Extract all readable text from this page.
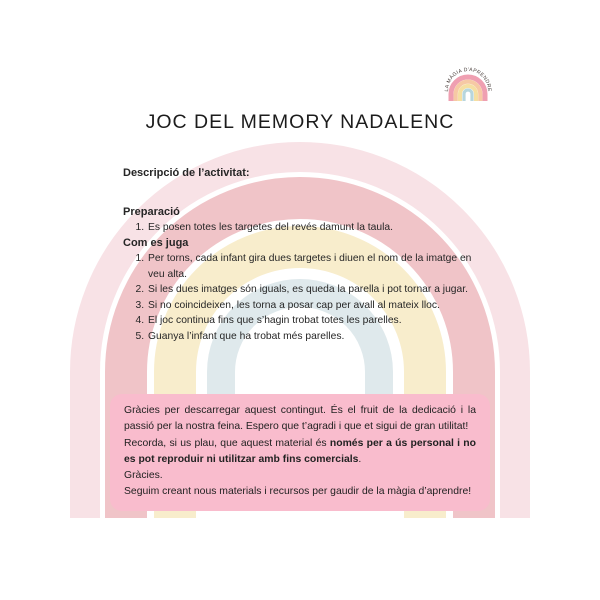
LA MÀGIA D'APRENDRE
JOC DEL MEMORY NADALENC

Descripció de l’activitat:

Preparació
1. Es posen totes les targetes del revés damunt la taula.
Com es juga
1. Per torns, cada infant gira dues targetes i diuen el nom de la imatge en veu alta.
2. Si les dues imatges són iguals, es queda la parella i pot tornar a jugar.
3. Si no coincideixen, les torna a posar cap per avall al mateix lloc.
4. El joc continua fins que s’hagin trobat totes les parelles.
5. Guanya l’infant que ha trobat més parelles.

Gràcies per descarregar aquest contingut. És el fruit de la dedicació i la passió per la nostra feina. Espero que t’agradi i que et sigui de gran utilitat!

Recorda, si us plau, que aquest material és només per a ús personal i no es pot reproduir ni utilitzar amb fins comercials.

Gràcies.

Seguim creant nous materials i recursos per gaudir de la màgia d’aprendre!
